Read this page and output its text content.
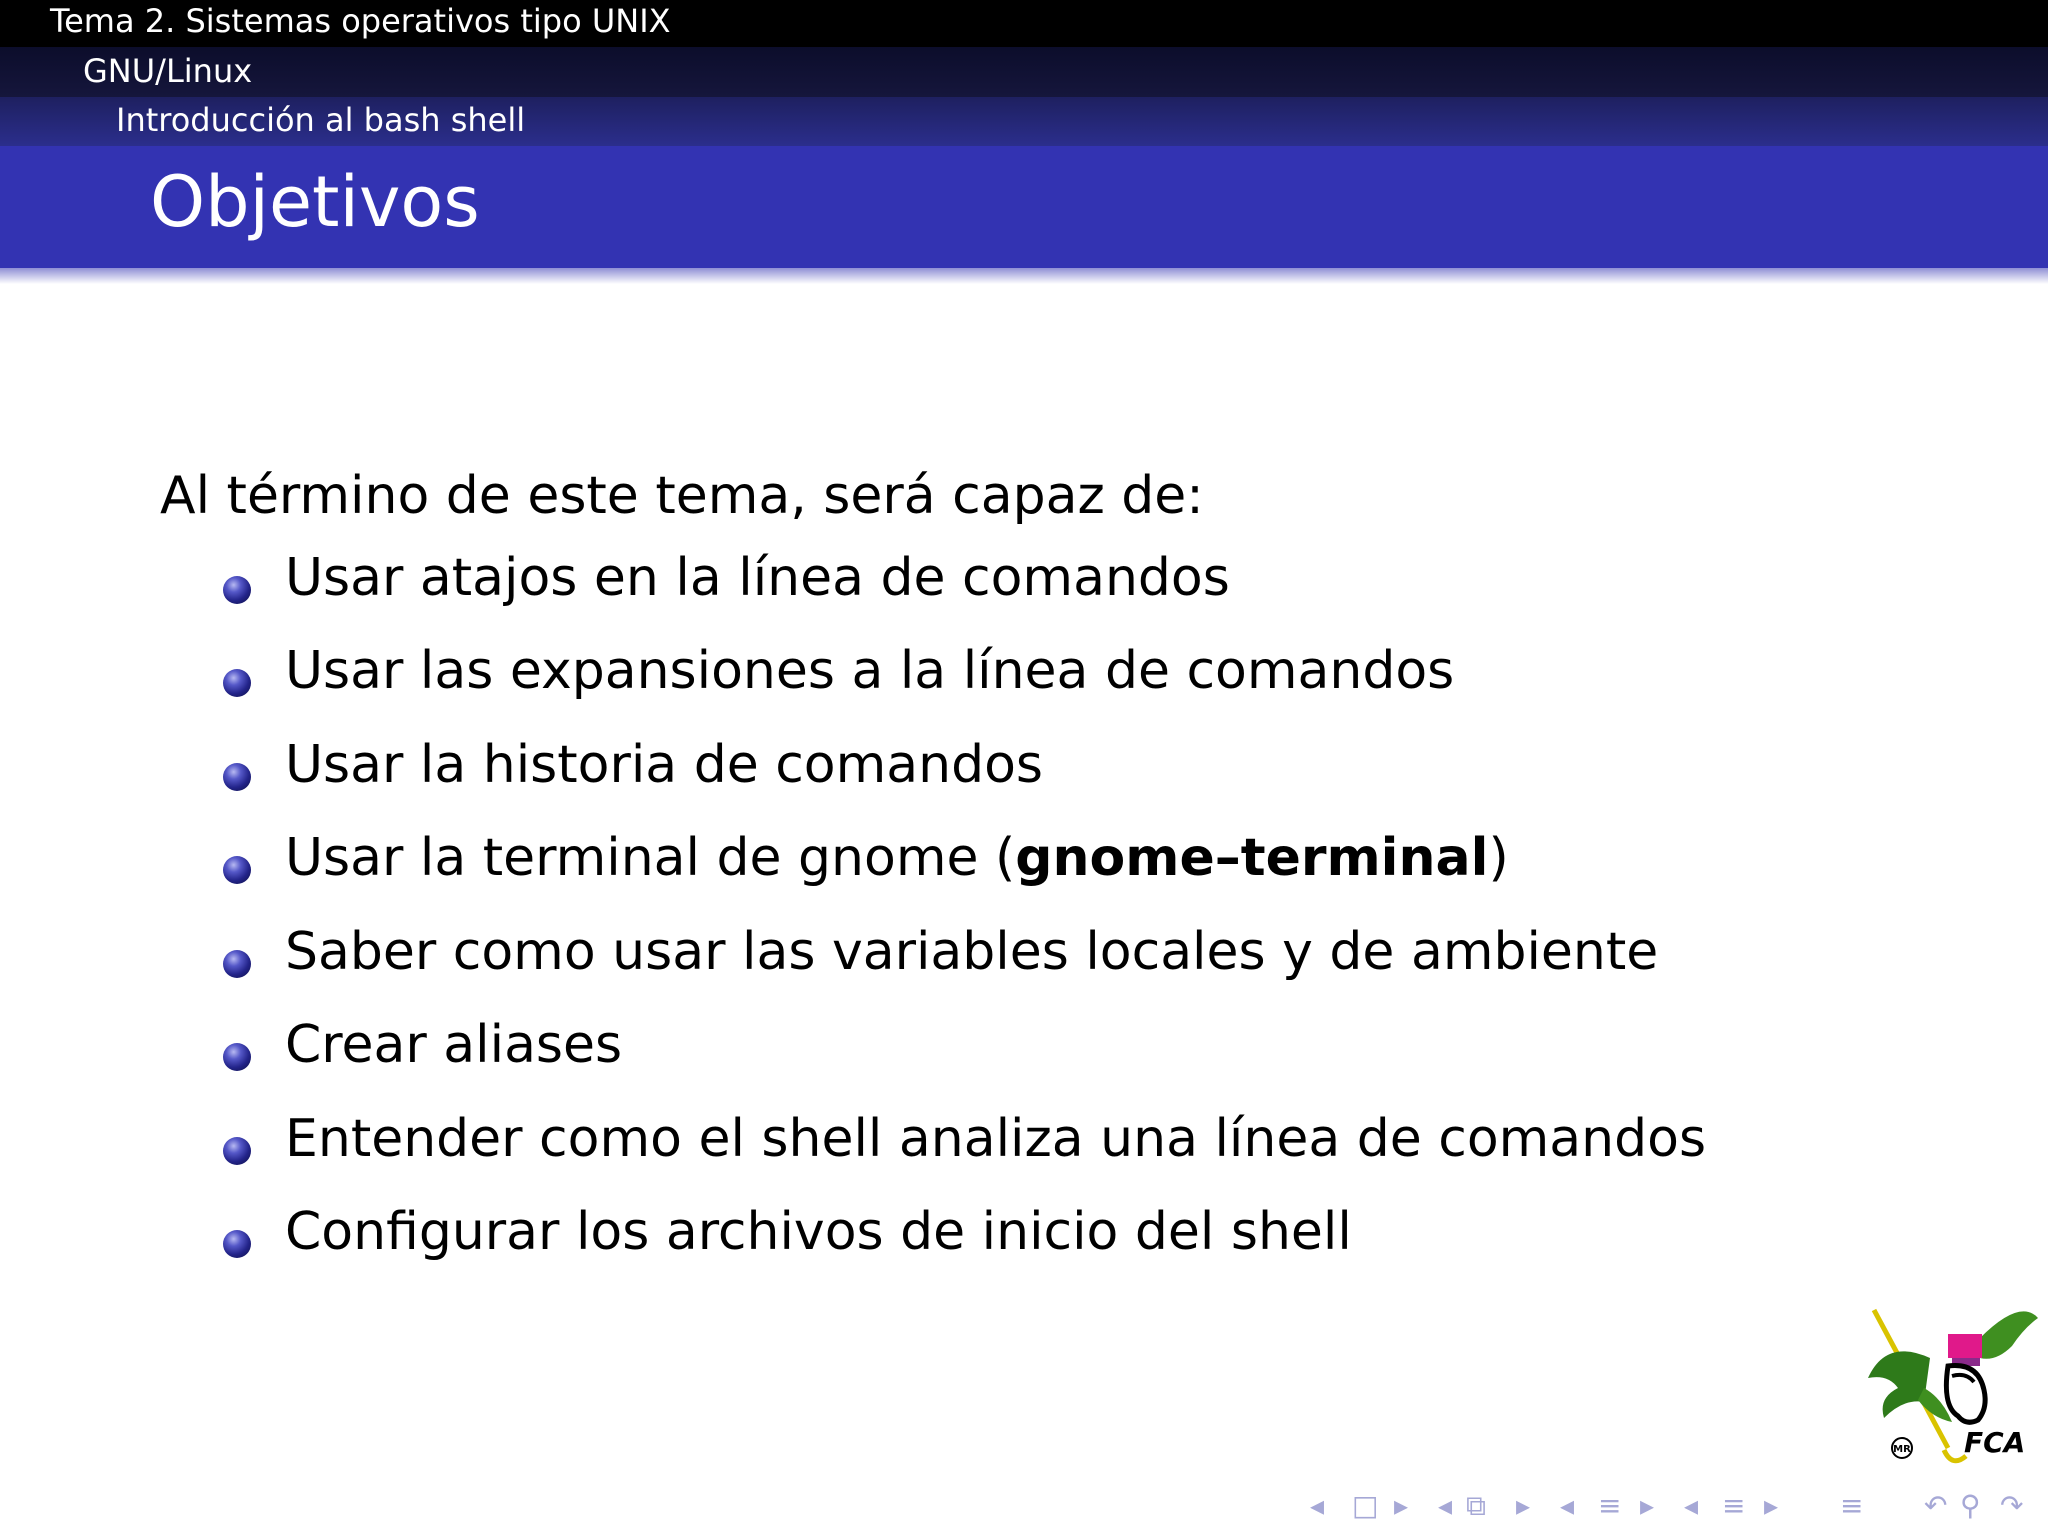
Tema 2. Sistemas operativos tipo UNIX
GNU/Linux
Introducción al bash shell
Objetivos
Al término de este tema, será capaz de:
Usar atajos en la línea de comandos
Usar las expansiones a la línea de comandos
Usar la historia de comandos
Usar la terminal de gnome (gnome–terminal)
Saber como usar las variables locales y de ambiente
Crear aliases
Entender como el shell analiza una línea de comandos
Configurar los archivos de inicio del shell
MR FCA
◂ □ ▸ ◂ ⧉ ▸ ◂ ≡ ▸ ◂ ≡ ▸ ≡ ↶ ⚲ ↷
